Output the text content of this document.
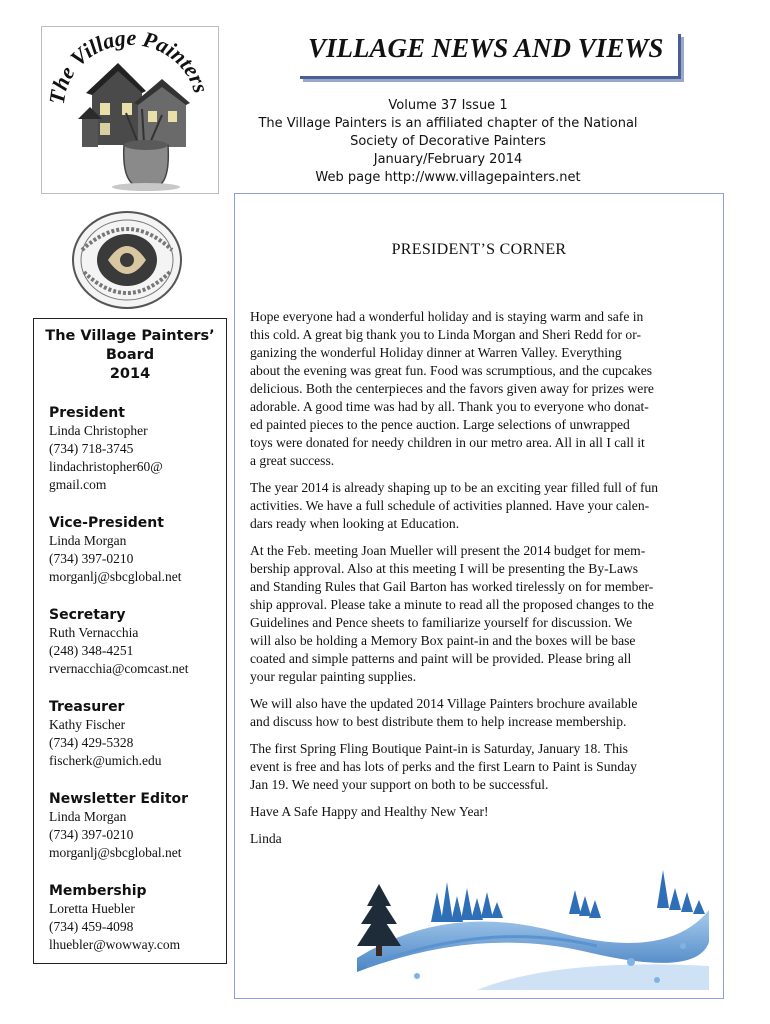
The Village Painters
VILLAGE NEWS AND VIEWS
Volume 37 Issue 1
The Village Painters is an affiliated chapter of the National
Society of Decorative Painters
January/February 2014
Web page http://www.villagepainters.net
The Village Painters’
Board
2014
President
Linda Christopher
(734) 718-3745
lindachristopher60@
gmail.com
Vice-President
Linda Morgan
(734) 397-0210
morganlj@sbcglobal.net
Secretary
Ruth Vernacchia
(248) 348-4251
rvernacchia@comcast.net
Treasurer
Kathy Fischer
(734) 429-5328
fischerk@umich.edu
Newsletter Editor
Linda Morgan
(734) 397-0210
morganlj@sbcglobal.net
Membership
Loretta Huebler
(734) 459-4098
lhuebler@wowway.com
PRESIDENT’S CORNER
Hope everyone had a wonderful holiday and is staying warm and safe in
this cold. A great big thank you to Linda Morgan and Sheri Redd for or-
ganizing the wonderful Holiday dinner at Warren Valley. Everything
about the evening was great fun. Food was scrumptious, and the cupcakes
delicious. Both the centerpieces and the favors given away for prizes were
adorable. A good time was had by all. Thank you to everyone who donat-
ed painted pieces to the pence auction. Large selections of unwrapped
toys were donated for needy children in our metro area. All in all I call it
a great success.
The year 2014 is already shaping up to be an exciting year filled full of fun
activities. We have a full schedule of activities planned. Have your calen-
dars ready when looking at Education.
At the Feb. meeting Joan Mueller will present the 2014 budget for mem-
bership approval. Also at this meeting I will be presenting the By-Laws
and Standing Rules that Gail Barton has worked tirelessly on for member-
ship approval. Please take a minute to read all the proposed changes to the
Guidelines and Pence sheets to familiarize yourself for discussion. We
will also be holding a Memory Box paint-in and the boxes will be base
coated and simple patterns and paint will be provided. Please bring all
your regular painting supplies.
We will also have the updated 2014 Village Painters brochure available
and discuss how to best distribute them to help increase membership.
The first Spring Fling Boutique Paint-in is Saturday, January 18. This
event is free and has lots of perks and the first Learn to Paint is Sunday
Jan 19. We need your support on both to be successful.
Have A Safe Happy and Healthy New Year!
Linda
